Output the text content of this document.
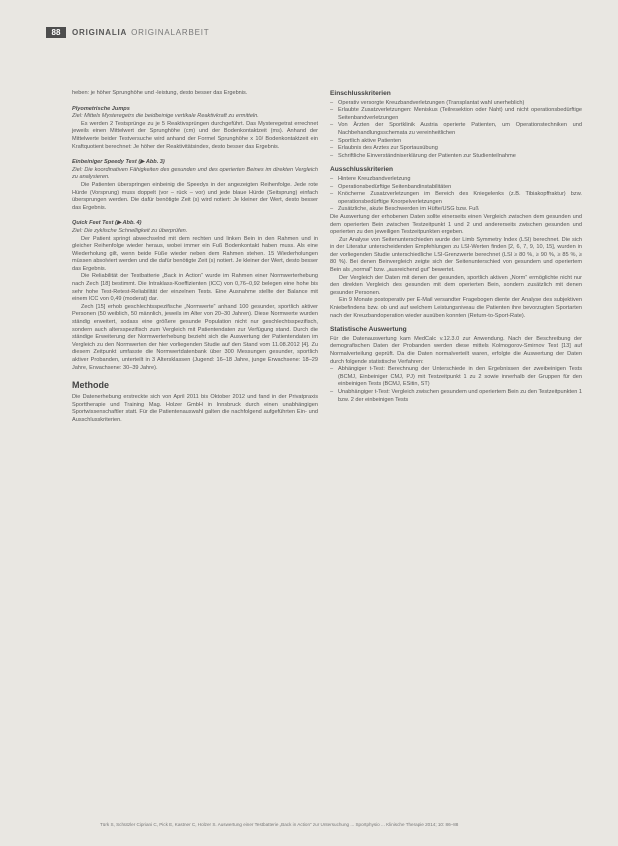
88	ORIGINALIA ORIGINALARBEIT

heben: je höher Sprunghöhe und -leistung, desto besser das Ergebnis.

Plyometrische Jumps

Ziel: Mittels Mysteregetrs die beidbeinige vertikale Reaktivkraft zu ermitteln.

Es werden 2 Testsprünge zu je 5 Reaktivsprüngen durchgeführt. Das Mysteregetrat errechnet jeweils einen Mittelwert der Sprunghöhe (cm) und der Bodenkontaktzeit (ms). Anhand der Mittelwerte beider Testversuche wird anhand der Formel Sprunghöhe x 10/ Bodenkontaktzeit ein Kraftquotient berechnet: Je höher der Reaktivitätsindex, desto besser das Ergebnis.

Einbeiniger Speedy Test (▶ Abb. 3)

Ziel: Die koordinativen Fähigkeiten des gesunden und des operierten Beines im direkten Vergleich zu analysieren.

Die Patienten überspringen einbeinig die Speedys in der angezeigten Reihenfolge. Jede rote Hürde (Vorsprung) muss doppelt (vor – rück – vor) und jede blaue Hürde (Seitsprung) einfach übersprungen werden. Die dafür benötigte Zeit (s) wird notiert: Je kleiner der Wert, desto besser das Ergebnis.

Quick Feet Test (▶ Abb. 4)

Ziel: Die zyklische Schnelligkeit zu überprüfen.

Der Patient springt abwechselnd mit dem rechten und linken Bein in den Rahmen und in gleicher Reihenfolge wieder heraus, wobei immer ein Fuß Bodenkontakt haben muss. Als eine Wiederholung gilt, wenn beide Füße wieder neben dem Rahmen stehen. 15 Wiederholungen müssen absolviert werden und die dafür benötigte Zeit (s) notiert. Je kleiner der Wert, desto besser das Ergebnis.

Die Reliabilität der Testbatterie „Back in Action“ wurde im Rahmen einer Normwerterhebung nach Zech [18] bestimmt. Die Intraklass-Koeffizienten (ICC) von 0,76–0,92 belegen eine hohe bis sehr hohe Test-Retest-Reliabilität der einzelnen Tests. Eine Ausnahme stellte der Balance mit einem ICC von 0,49 (moderat) dar.

Zech [15] erhob geschlechtsspezifische „Normwerte“ anhand 100 gesunder, sportlich aktiver Personen (50 weiblich, 50 männlich, jeweils im Alter von 20–30 Jahren). Diese Normwerte wurden ständig erweitert, sodass eine größere gesunde Population nicht nur geschlechtsspezifisch, sondern auch altersspezifisch zum Vergleich mit Patientendaten zur Verfügung stand. Durch die ständige Erweiterung der Normwerterhebung bezieht sich die Auswertung der Patientendaten im Vergleich zu den Normwerten der hier vorliegenden Studie auf den Stand vom 11.08.2012 [4]. Zu diesem Zeitpunkt umfasste die Normwertdatenbank über 300 Messungen gesunder, sportlich aktiver Probanden, unterteilt in 3 Altersklassen (Jugend: 16–18 Jahre, junge Erwachsene: 18–29 Jahre, Erwachsene: 30–39 Jahre).

Methode

Die Datenerhebung erstreckte sich von April 2011 bis Oktober 2012 und fand in der Privatpraxis Sporttherapie und Training Mag. Holzer GmbH in Innsbruck durch einen unabhängigen Sportwissenschaftler statt. Für die Patientenauswahl galten die nachfolgend aufgeführten Ein- und Ausschlusskriterien.

Einschlusskriterien
– Operativ versorgte Kreuzbandverletzungen (Transplantat wahl unerheblich)
– Erlaubte Zusatzverletzungen: Meniskus (Teilresektion oder Naht) und nicht operationsbedürftige Seitenbandverletzungen
– Von Ärzten der Sportklinik Austria operierte Patienten, um Operationstechniken und Nachbehandlungsschemata zu vereinheitlichen
– Sportlich aktive Patienten
– Erlaubnis des Arztes zur Sportausübung
– Schriftliche Einverständniserklärung der Patienten zur Studienteilnahme
Ausschlusskriterien
– Hintere Kreuzbandverletzung
– Operationsbedürftige Seitenbandinstabilitäten
– Knöcherne Zusatzverletzungen im Bereich des Kniegelenks (z.B. Tibiakopffraktur) bzw. operationsbedürftige Knorpelverletzungen
– Zusätzliche, akute Beschwerden im Hüfte/USG bzw. Fuß

Die Auswertung der erhobenen Daten sollte einerseits einen Vergleich zwischen dem gesunden und dem operierten Bein zwischen Testzeitpunkt 1 und 2 und andererseits zwischen gesunden und operierten zu den jeweiligen Testzeitpunkten ergeben.

Zur Analyse von Seitenunterschieden wurde der Limb Symmetry Index (LSI) berechnet. Die sich in der Literatur unterscheidenden Empfehlungen zu LSI-Werten finden [2, 6, 7, 9, 10, 15], wurden in der vorliegenden Studie unterschiedliche LSI-Grenzwerte berechnet (LSI ≥ 80 %, ≥ 90 %, ≥ 85 %, ≥ 80 %). Bei denen Beinvergleich zeigte sich der Seitenunterschied von gesundem und operiertem Bein als „normal“ bzw. „ausreichend gut“ bewertet.

Der Vergleich der Daten mit denen der gesunden, sportlich aktiven „Norm“ ermöglichte nicht nur den direkten Vergleich des gesunden mit dem operierten Bein, sondern zusätzlich mit denen gesunder Personen.

Ein 9 Monate postoperativ per E-Mail versandter Fragebogen diente der Analyse des subjektiven Kniebefindens bzw. ob und auf welchem Leistungsniveau die Patienten ihre bevorzugten Sportarten nach der Kreuzbandoperation wieder ausüben konnten (Return-to-Sport-Rate).

Statistische Auswertung

Für die Datenauswertung kam MedCalc v.12.3.0 zur Anwendung. Nach der Beschreibung der demografischen Daten der Probanden werden diese mittels Kolmogorov-Smirnov Test [13] auf Normalverteilung geprüft. Da die Daten normalverteilt waren, erfolgte die Auswertung der Daten durch folgende statistische Verfahren:

– Abhängiger t-Test: Berechnung der Unterschiede in den Ergebnissen der zweibeinigen Tests (BCMJ, Einbeiniger CMJ, PJ) mit Testzeitpunkt 1 zu 2 sowie innerhalb der Gruppen für den einbeinigen Tests (BCMJ, ESitin, ST)
– Unabhängiger t-Test: Vergleich zwischen gesundem und operiertem Bein zu den Testzeitpunkten 1 bzw. 2 der einbeinigen Tests
Türk S, Schützler Cipriani C, Pick E, Kastner C, Holzer S. Auswertung einer Testbatterie „Back in Action“ zur Untersuchung ... Sportphysio ... Klinische Therapie 2014; 10: 86–88
